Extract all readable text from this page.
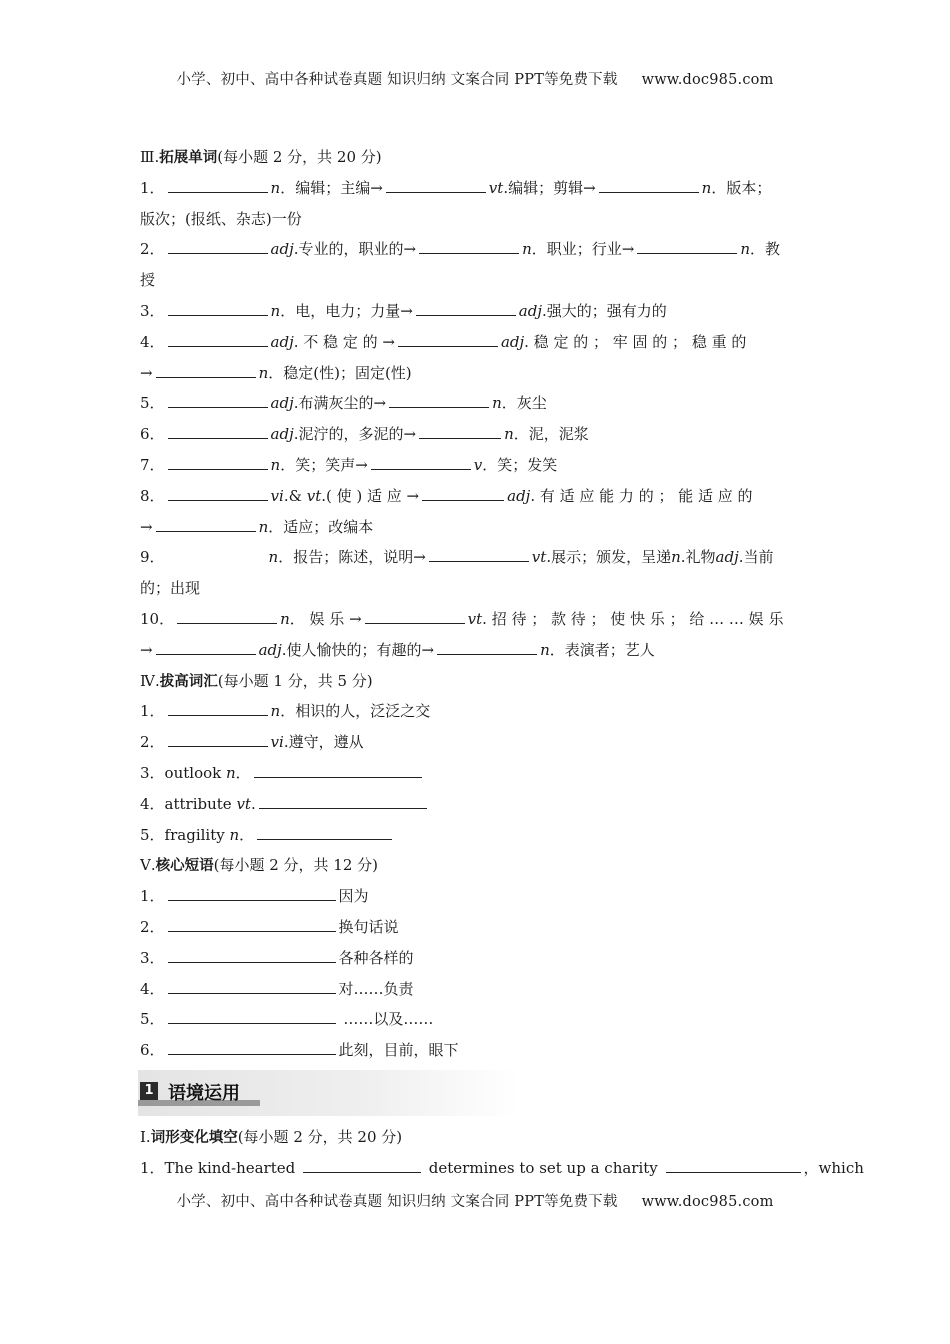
小学、初中、高中各种试卷真题 知识归纳 文案合同 PPT等免费下载 www.doc985.com
Ⅲ.拓展单词(每小题 2 分，共 20 分)
1．	n．编辑；主编→	vt.编辑；剪辑→	n．版本；
版次；(报纸、杂志)一份
2．	adj.专业的，职业的→	n．职业；行业→	n．教
授
3．	n．电，电力；力量→	adj.强大的；强有力的
4．	adj. 不 稳 定 的 →	adj. 稳 定 的 ； 牢 固 的 ； 稳 重 的
→	n．稳定(性)；固定(性)
5．	adj.布满灰尘的→	n．灰尘
6．	adj.泥泞的，多泥的→	n．泥，泥浆
7．	n．笑；笑声→	v．笑；发笑
8．	vi.& vt.( 使 ) 适 应 →	adj. 有 适 应 能 力 的 ； 能 适 应 的
→	n．适应；改编本
9．	n．报告；陈述，说明→	vt.展示；颁发，呈递n.礼物adj.当前
的；出现
10．	n． 娱 乐 →	vt. 招 待 ； 款 待 ； 使 快 乐 ； 给 … … 娱 乐
→	adj.使人愉快的；有趣的→	n．表演者；艺人
Ⅳ.拔高词汇(每小题 1 分，共 5 分)
1．	n．相识的人，泛泛之交
2．	vi.遵守，遵从
3．outlook n．
4．attribute vt.
5．fragility n．
Ⅴ.核心短语(每小题 2 分，共 12 分)
1．	因为
2．	换句话说
3．	各种各样的
4．	对……负责
5．	……以及……
6．	此刻，目前，眼下
1 语境运用
Ⅰ.词形变化填空(每小题 2 分，共 20 分)
1．The kind-hearted	determines to set up a charity	，which
小学、初中、高中各种试卷真题 知识归纳 文案合同 PPT等免费下载 www.doc985.com
